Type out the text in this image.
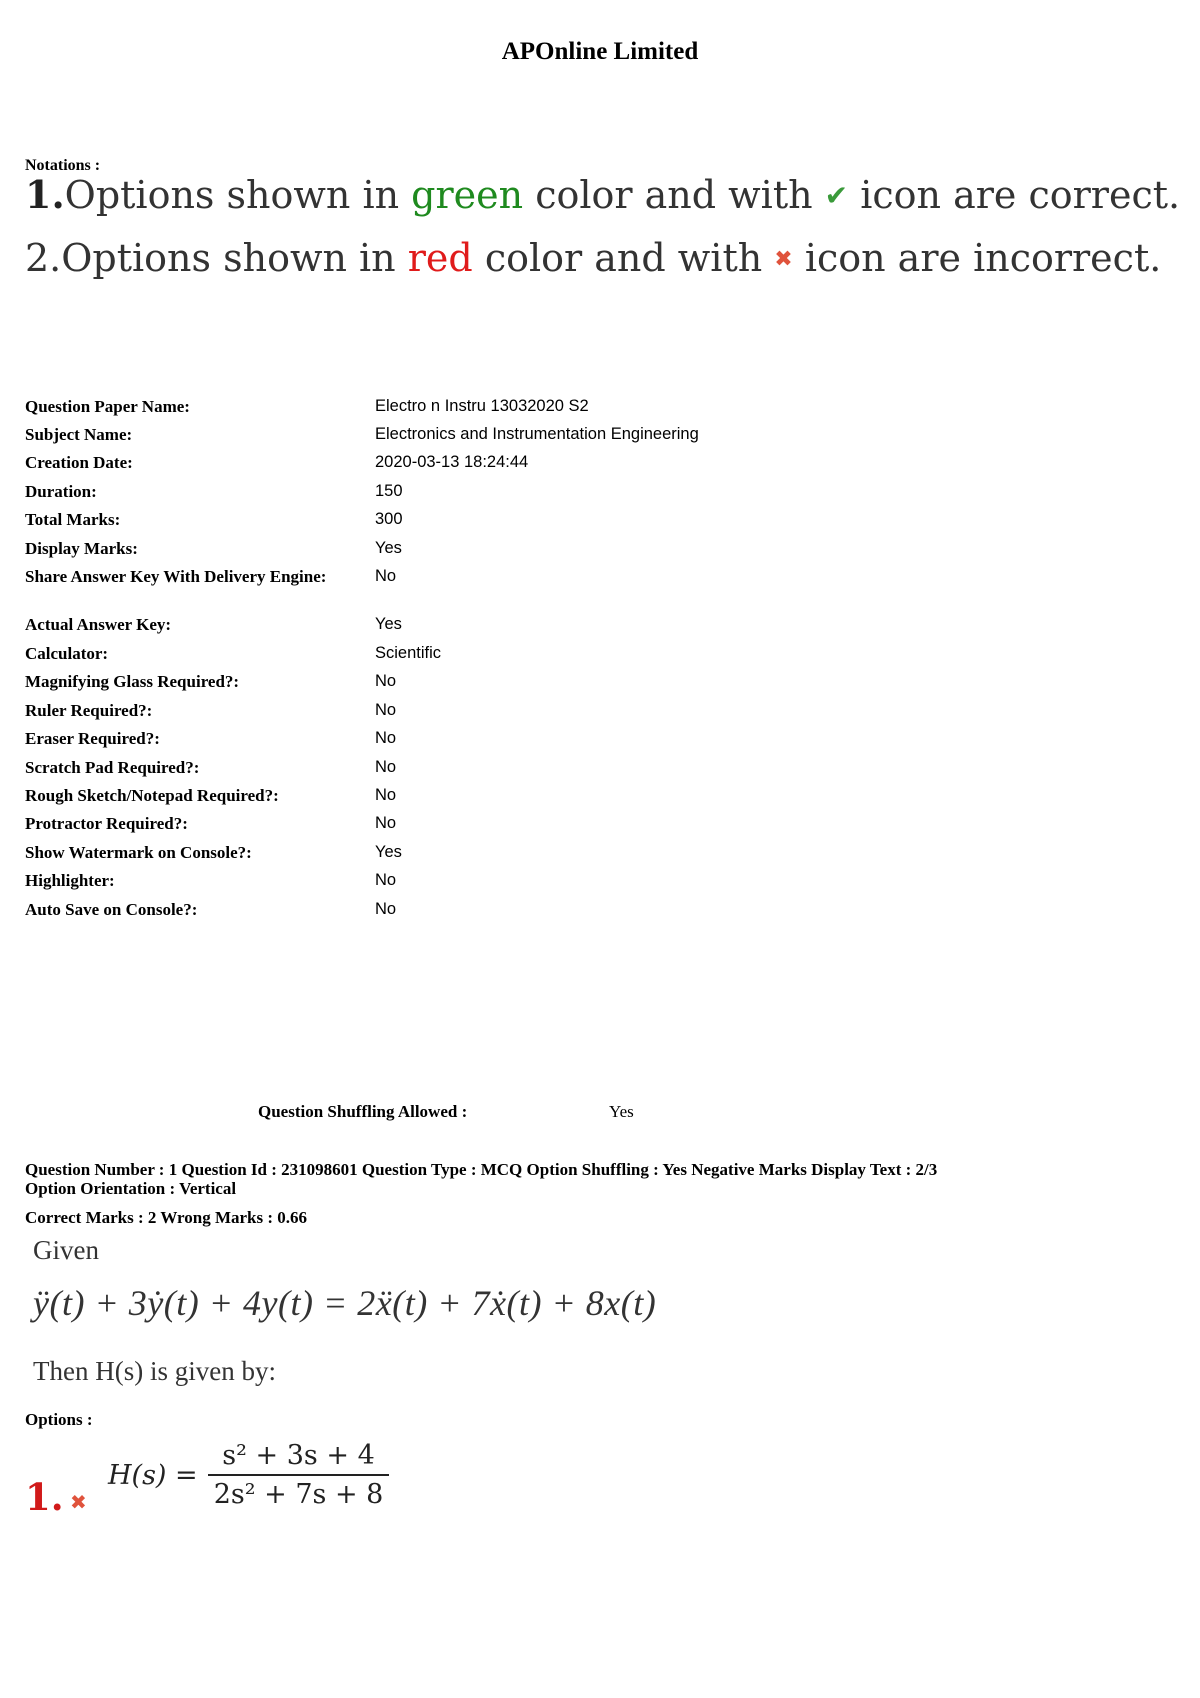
APOnline Limited
Notations :
1.Options shown in green color and with ✔ icon are correct.
2.Options shown in red color and with ✖ icon are incorrect.
Question Paper Name:	Electro n Instru 13032020 S2
Subject Name:	Electronics and Instrumentation Engineering
Creation Date:	2020-03-13 18:24:44
Duration:	150
Total Marks:	300
Display Marks:	Yes
Share Answer Key With Delivery Engine:	No
Actual Answer Key:	Yes
Calculator:	Scientific
Magnifying Glass Required?:	No
Ruler Required?:	No
Eraser Required?:	No
Scratch Pad Required?:	No
Rough Sketch/Notepad Required?:	No
Protractor Required?:	No
Show Watermark on Console?:	Yes
Highlighter:	No
Auto Save on Console?:	No
Question Shuffling Allowed :	Yes
Question Number : 1 Question Id : 231098601 Question Type : MCQ Option Shuffling : Yes Negative Marks Display Text : 2/3
Option Orientation : Vertical
Correct Marks : 2 Wrong Marks : 0.66
Given
ÿ(t) + 3ẏ(t) + 4y(t) = 2ẍ(t) + 7ẋ(t) + 8x(t)
Then H(s) is given by:
Options :
1. ✖
$H(s) = \frac{\text{s² + 3s + 4}}{\text{2s² + 7s + 8}}$
